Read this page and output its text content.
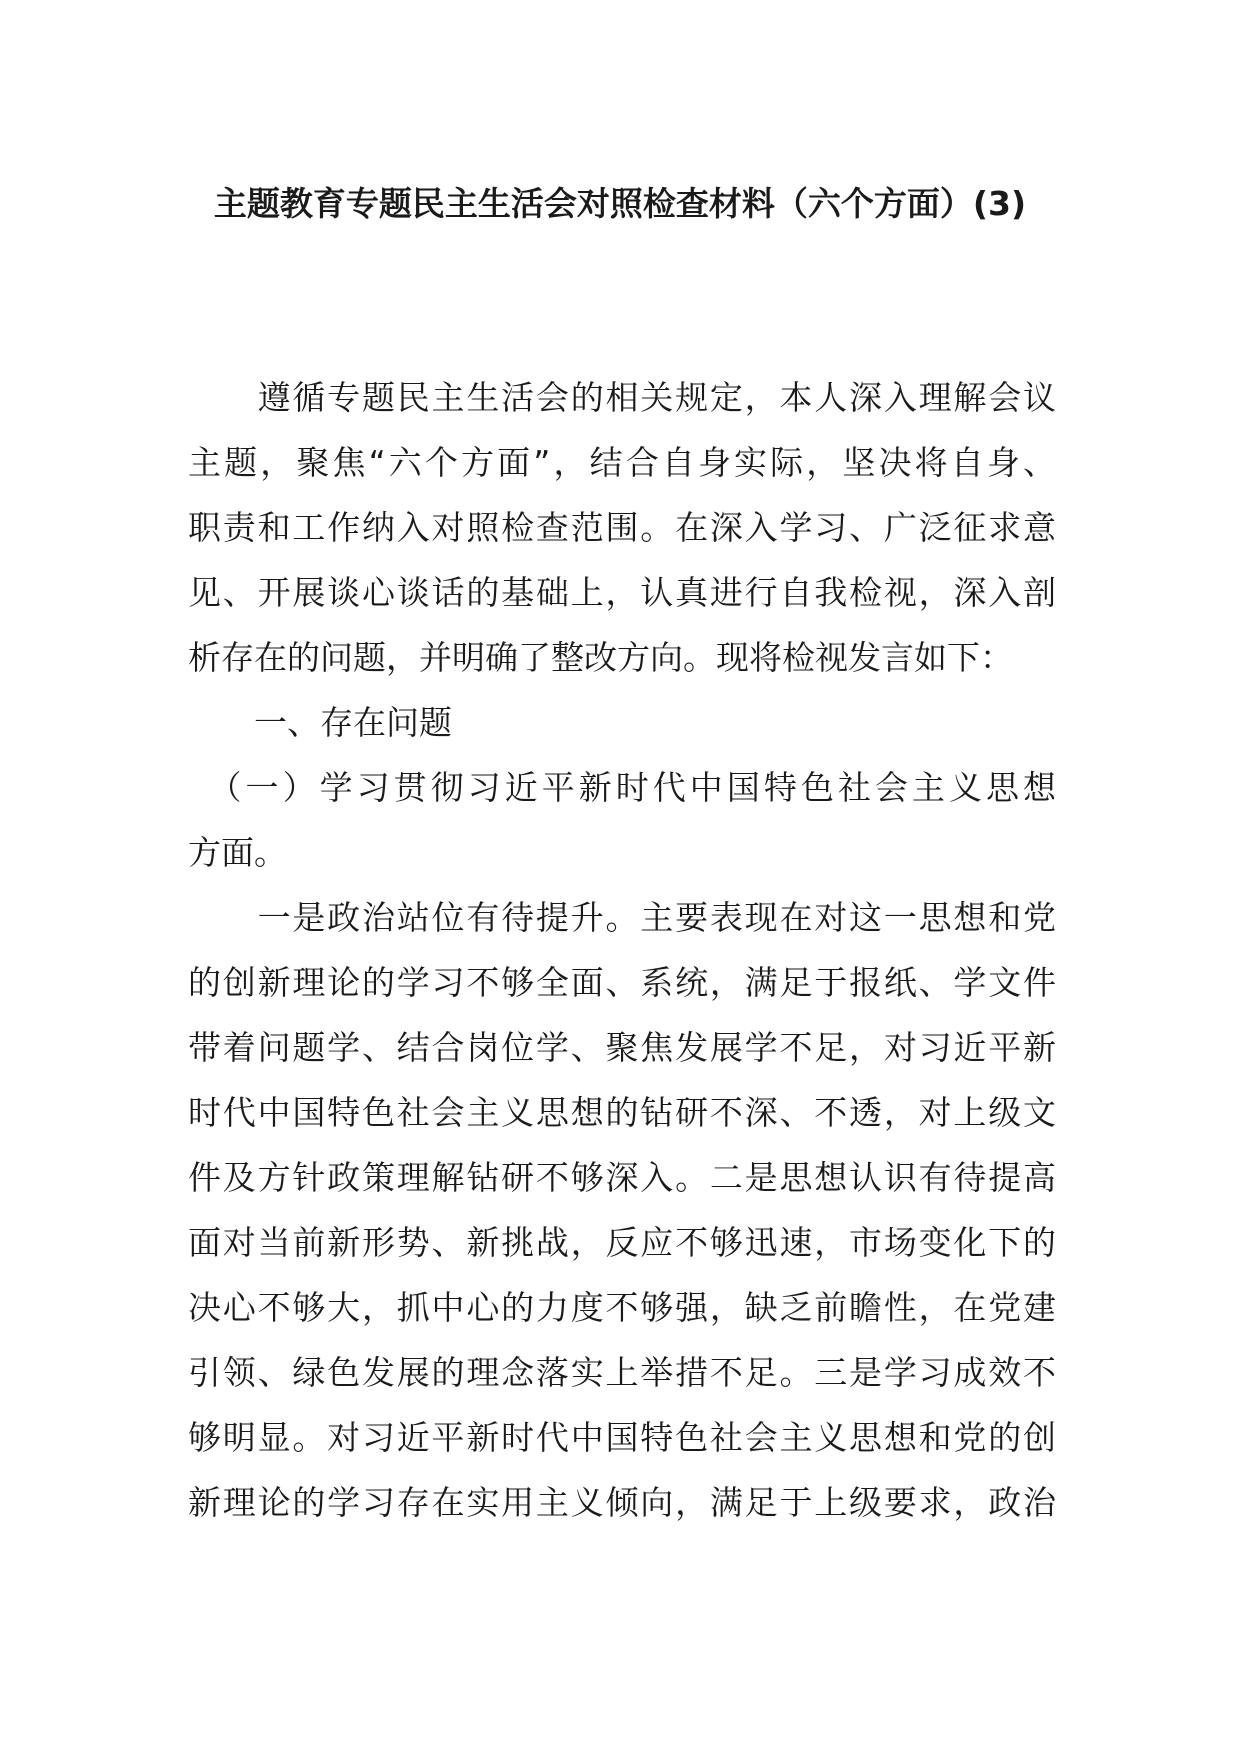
主题教育专题民主生活会对照检查材料（六个方面）(3)
　　遵循专题民主生活会的相关规定，本人深入理解会议
主题，聚焦“六个方面”，结合自身实际，坚决将自身、
职责和工作纳入对照检查范围。在深入学习、广泛征求意
见、开展谈心谈话的基础上，认真进行自我检视，深入剖
析存在的问题，并明确了整改方向。现将检视发言如下：
　　一、存在问题
　（一）学习贯彻习近平新时代中国特色社会主义思想
方面。
　　一是政治站位有待提升。主要表现在对这一思想和党
的创新理论的学习不够全面、系统，满足于报纸、学文件
带着问题学、结合岗位学、聚焦发展学不足，对习近平新
时代中国特色社会主义思想的钻研不深、不透，对上级文
件及方针政策理解钻研不够深入。二是思想认识有待提高
面对当前新形势、新挑战，反应不够迅速，市场变化下的
决心不够大，抓中心的力度不够强，缺乏前瞻性，在党建
引领、绿色发展的理念落实上举措不足。三是学习成效不
够明显。对习近平新时代中国特色社会主义思想和党的创
新理论的学习存在实用主义倾向，满足于上级要求，政治
